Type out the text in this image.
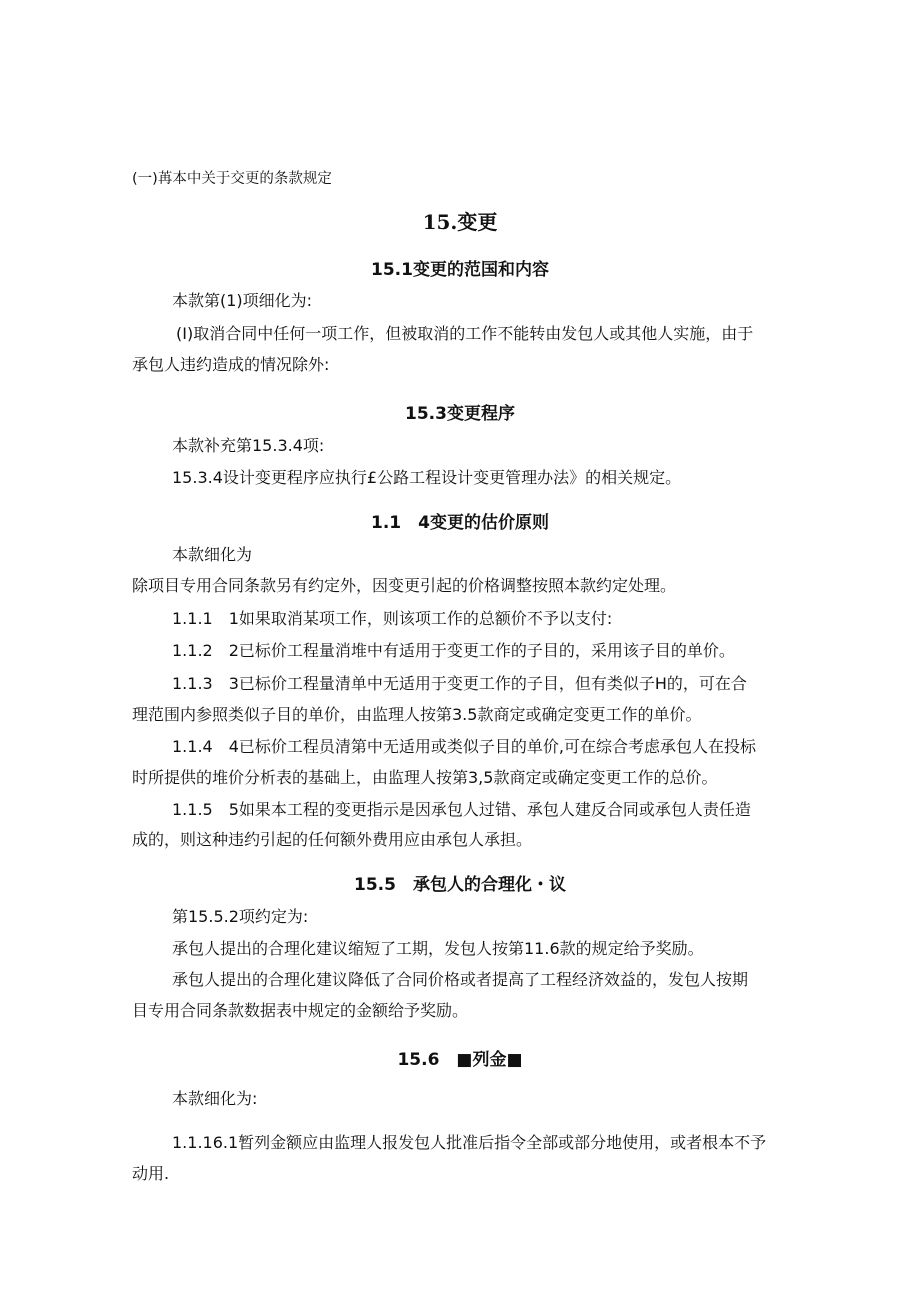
(一)苒本中关于交更的条款规定
15.变更
15.1变更的范国和内容
本款第(1)项细化为:
(I)取消合同中任何一项工作，但被取消的工作不能转由发包人或其他人实施，由于
承包人违约造成的情况除外:
15.3变更程序
本款补充第15.3.4项:
15.3.4设计变更程序应执行£公路工程设计变更管理办法》的相关规定。
1.1　4变更的估价原则
本款细化为
除项目专用合同条款另有约定外，因变更引起的价格调整按照本款约定处理。
1.1.1　1如果取消某项工作，则该项工作的总额价不予以支付:
1.1.2　2已标价工程量消堆中有适用于变更工作的子目的，采用该子目的单价。
1.1.3　3已标价工程量清单中无适用于变更工作的子目，但有类似子H的，可在合
理范围内参照类似子目的单价，由监理人按第3.5款商定或确定变更工作的单价。
1.1.4　4已标价工程员清第中无适用或类似子目的单价,可在综合考虑承包人在投标
时所提供的堆价分析表的基础上，由监理人按第3,5款商定或确定变更工作的总价。
1.1.5　5如果本工程的变更指示是因承包人过错、承包人建反合同或承包人责任造
成的，则这种违约引起的任何额外费用应由承包人承担。
15.5　承包人的合理化・议
第15.5.2项约定为:
承包人提出的合理化建议缩短了工期，发包人按第11.6款的规定给予奖励。
承包人提出的合理化建议降低了合同价格或者提高了工程经济效益的，发包人按期
目专用合同条款数据表中规定的金额给予奖励。
15.6　■列金■
本款细化为:
1.1.16.1暂列金额应由监理人报发包人批准后指令全部或部分地使用，或者根本不予
动用.
